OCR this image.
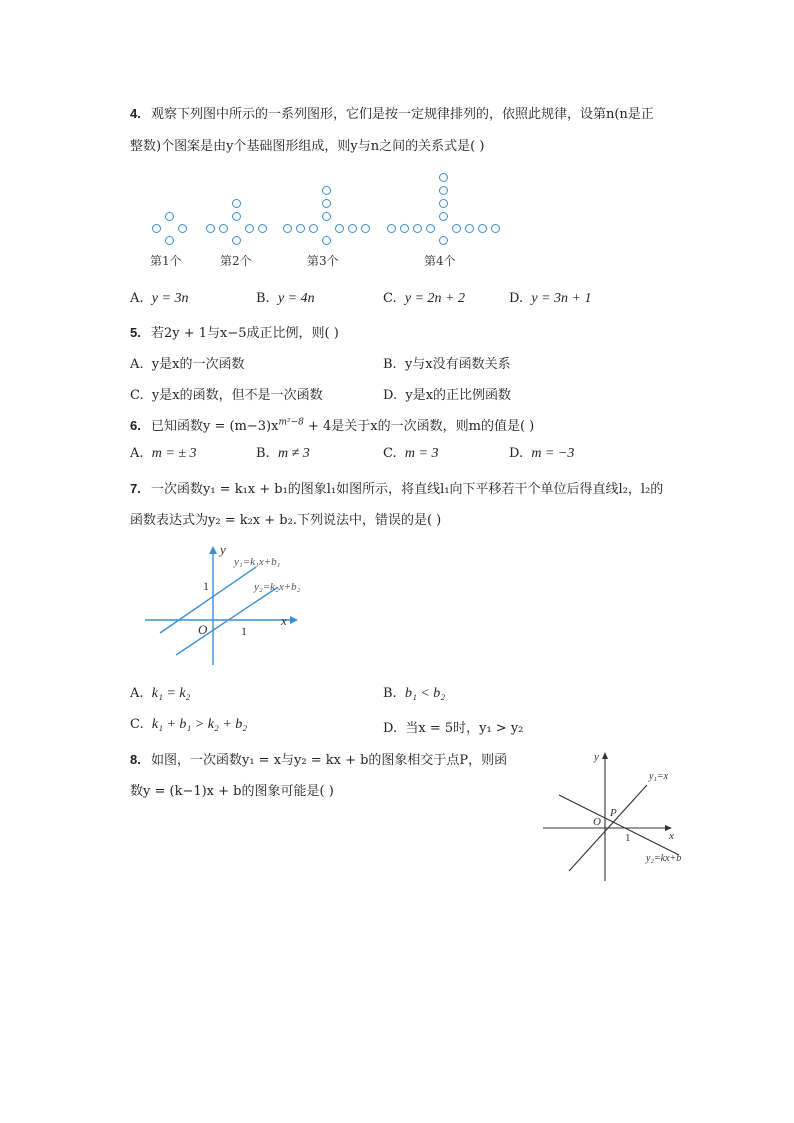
4. 观察下列图中所示的一系列图形，它们是按一定规律排列的，依照此规律，设第n(n是正
整数)个图案是由y个基础图形组成，则y与n之间的关系式是( )
第1个	第2个	第3个	第4个
A. y = 3n	B. y = 4n	C. y = 2n + 2	D. y = 3n + 1
5. 若2y + 1与x−5成正比例，则( )
A. y是x的一次函数	B. y与x没有函数关系
C. y是x的函数，但不是一次函数	D. y是x的正比例函数
6. 已知函数$y = (m-3)x^{m^2-8} + 4$是关于x的一次函数，则m的值是( )
A. m = ± 3	B. m ≠ 3	C. m = 3	D. m = −3
7. 一次函数y₁ = k₁x + b₁的图象l₁如图所示，将直线l₁向下平移若干个单位后得直线l₂，l₂的
函数表达式为y₂ = k₂x + b₂.下列说法中，错误的是( )
y
x
O	1
1
y₁=k₁x+b₁
y₂=k₂x+b₂
A. k₁ = k₂	B. b₁ < b₂
C. k₁ + b₁ > k₂ + b₂	D. 当x = 5时，y₁ > y₂
8. 如图，一次函数y₁ = x与y₂ = kx + b的图象相交于点P，则函
数y = (k−1)x + b的图象可能是( )
y
x
O
P
1
y₁=x
y₂=kx+b
